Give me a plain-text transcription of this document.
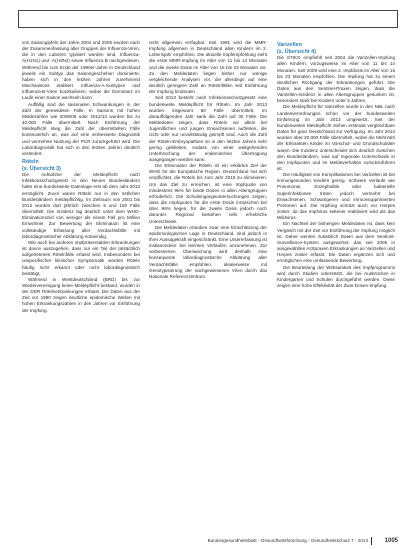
von Saisongipfeln der Jahre 2004 und 2005 wurden nach der Zusammenfassung aller Gruppen der Influenza-Viren, die in den Laboren typisiert worden sind, Influenza-A(H1N1) und -A(H3N2) sowie Influenza B nachgewiesen. Während bis zum Ende der 1990er-Jahre in Deutschland jeweils ein Subtyp das Saisongeschehen dominierte, haben sich in den letzten Jahren zunehmend Mischsaisons etabliert. Influenza-A-Subtypen und Influenza-B-Viren kozirkulieren, wobei die Dominanz im Laufe einer Saison wechseln kann.

Auffällig sind die saisonalen Schwankungen in der Zahl der gemeldeten Fälle. In Saisons mit hohen Meldezahlen wie 2008/09 oder 2012/13 wurden bis zu 40.000 Fälle übermittelt. Nach Einführung der Meldepflicht stieg die Zahl der übermittelten Fälle kontinuierlich an, was auf eine verbesserte Diagnostik und vermehrte Nutzung der PCR zurückgeführt wird. Die Labordiagnostik hat sich in den letzten Jahren deutlich verändert.

Röteln
(s. Übersicht 3)

Die Aufnahme der Meldepflicht nach Infektionsschutzgesetz in den Neuen Bundesländern hatte eine bundesweite Datenlage erst ab dem Jahr 2013 ermöglicht. Zuvor waren Röteln nur in den östlichen Bundesländern meldepflichtig. Im Zeitraum von 2001 bis 2012 wurden dort jährlich zwischen 5 und 150 Fälle übermittelt. Die Inzidenz lag deutlich unter dem WHO-Eliminationsziel von weniger als einem Fall pro Million Einwohner. Zur Bewertung der Elimination ist eine vollständige Erfassung aller Verdachtsfälle mit labordiagnostischer Abklärung notwendig.

Wie auch bei anderen impfpräventablen Erkrankungen ist davon auszugehen, dass nur ein Teil der tatsächlich aufgetretenen Rötelnfälle erfasst wird. Insbesondere bei unspezifischer klinischer Symptomatik werden Röteln häufig nicht erkannt oder nicht labordiagnostisch bestätigt.

Während in Westdeutschland (BRD) bis zur Wiedervereinigung keine Meldepflicht bestand, wurden in der DDR Rötelnerkrankungen erfasst. Die Daten aus der Zeit vor 1990 zeigen deutliche epidemische Wellen mit hohen Erkrankungszahlen in den Jahren vor Einführung der Impfung.

nicht allgemein verfügbar. Seit 1991 wird die MMR-Impfung allgemein in Deutschland allen Kindern im 2. Lebensjahr empfohlen. Die aktuelle Impfempfehlung sieht die erste MMR-Impfung im Alter von 11 bis 14 Monaten und die zweite Dosis im Alter von 15 bis 23 Monaten vor. Zu den Meldedaten liegen bisher nur wenige vergleichende Analysen vor, die allerdings auf eine deutlich geringere Zahl an Rötelnfällen seit Einführung der Impfung hindeuten.

Seit 2013 besteht nach Infektionsschutzgesetz eine bundesweite Meldepflicht für Röteln. Im Jahr 2013 wurden insgesamt 60 Fälle übermittelt, im darauffolgenden Jahr sank die Zahl auf 30 Fälle. Die Meldedaten zeigen, dass Röteln vor allem bei Jugendlichen und jungen Erwachsenen auftreten, die nicht oder nur unvollständig geimpft sind. Auch die Zahl der Röteln-Embryopathien ist in den letzten Jahren sehr gering geblieben, sodass von einer weitgehenden Unterbrechung der endemischen Übertragung ausgegangen werden kann.

Die Elimination der Röteln ist ein erklärtes Ziel der WHO für die Europäische Region. Deutschland hat sich verpflichtet, die Röteln bis zum Jahr 2015 zu eliminieren. Um das Ziel zu erreichen, ist eine Impfquote von mindestens 95% für beide Dosen in allen Altersgruppen erforderlich. Die Schuleingangsuntersuchungen zeigen, dass die Impfquoten für die erste Dosis inzwischen bei über 96% liegen, für die zweite Dosis jedoch noch darunter. Regional bestehen teils erhebliche Unterschiede.

Die Meldedaten erlauben zwar eine Einschätzung der epidemiologischen Lage in Deutschland, sind jedoch in ihrer Aussagekraft eingeschränkt. Eine Untererfassung ist insbesondere bei leichten Verläufen anzunehmen. Zur verbesserten Überwachung wird deshalb eine konsequente labordiagnostische Abklärung aller Verdachtsfälle empfohlen, idealerweise mit Genotypisierung der nachgewiesenen Viren durch das Nationale Referenzzentrum.

Varizellen
(s. Übersicht 4)

Die STIKO empfiehlt seit 2004 die Varizellen-Impfung allen Kindern, vorzugsweise im Alter von 11 bis 14 Monaten. Seit 2009 wird eine 2. Impfdosis im Alter von 15 bis 23 Monaten empfohlen. Die Impfung hat zu einem deutlichen Rückgang der Erkrankungen geführt. Die Daten aus den Sentinel-Praxen zeigen, dass die Varizellen-Inzidenz in allen Altersgruppen gesunken ist, besonders stark bei Kindern unter 5 Jahren.

Die Meldepflicht für Varizellen wurde in den NBL nach Landesverordnungen schon vor der bundesweiten Einführung im Jahr 2013 umgesetzt. Seit der bundesweiten Meldepflicht stehen erstmals vergleichbare Daten für ganz Deutschland zur Verfügung. Im Jahr 2013 wurden über 20.000 Fälle übermittelt, wobei die Mehrzahl der Erkrankten Kinder im Vorschul- und Grundschulalter waren. Die Inzidenz unterscheidet sich deutlich zwischen den Bundesländern, was auf regionale Unterschiede in den Impfquoten und im Meldeverhalten zurückzuführen ist.

Die Häufigkeit von Komplikationen bei Varizellen ist bei immungesunden Kindern gering. Schwere Verläufe wie Pneumonie, Enzephalitis oder bakterielle Superinfektionen treten jedoch vermehrt bei Erwachsenen, Schwangeren und immunsupprimierten Personen auf. Die Impfung schützt auch vor Herpes zoster, da das Impfvirus seltener reaktiviert wird als das Wildvirus.

Ein Nachteil der bisherigen Meldedaten ist, dass kein Vergleich mit der Zeit vor Einführung der Impfung möglich ist. Daher werden zusätzlich Daten aus dem Sentinel-Surveillance-System ausgewertet, das seit 2005 in ausgewählten Arztpraxen Erkrankungen an Varizellen und Herpes zoster erfasst. Die Daten ergänzen sich und ermöglichen eine umfassende Bewertung.

Die Beurteilung der Wirksamkeit des Impfprogramms wird durch Studien unterstützt, die bei Ausbrüchen in Kindergärten und Schulen durchgeführt werden. Diese zeigen eine hohe Effektivität der Zwei-Dosen-Impfung.

Bundesgesundheitsblatt - Gesundheitsforschung - Gesundheitsschutz 7 · 2013	1005
